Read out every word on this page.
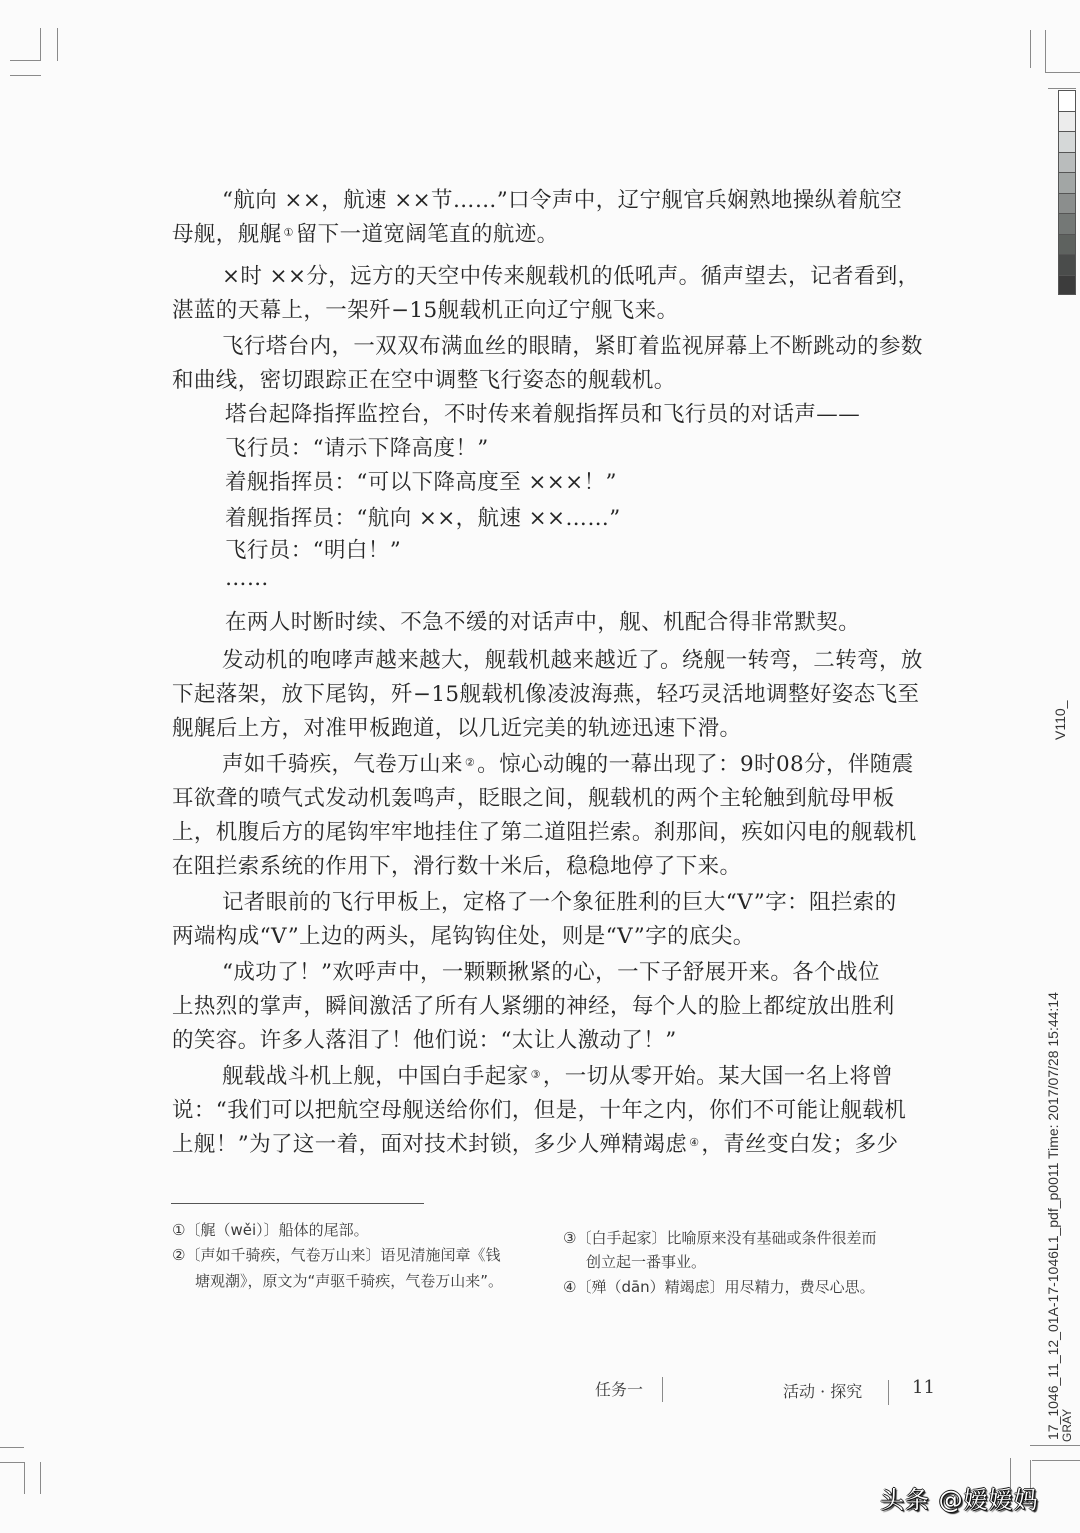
“航向 ××，航速 ××节……”口令声中，辽宁舰官兵娴熟地操纵着航空
母舰，舰艉 ①留下一道宽阔笔直的航迹。
×时 ××分，远方的天空中传来舰载机的低吼声。循声望去，记者看到，
湛蓝的天幕上，一架歼−15舰载机正向辽宁舰飞来。
飞行塔台内，一双双布满血丝的眼睛，紧盯着监视屏幕上不断跳动的参数
和曲线，密切跟踪正在空中调整飞行姿态的舰载机。
塔台起降指挥监控台，不时传来着舰指挥员和飞行员的对话声——
飞行员：“请示下降高度！”
着舰指挥员：“可以下降高度至 ×××！”
着舰指挥员：“航向 ××，航速 ××……”
飞行员：“明白！”
……
在两人时断时续、不急不缓的对话声中，舰、机配合得非常默契。
发动机的咆哮声越来越大，舰载机越来越近了。绕舰一转弯，二转弯，放
下起落架，放下尾钩，歼−15舰载机像凌波海燕，轻巧灵活地调整好姿态飞至
舰艉后上方，对准甲板跑道，以几近完美的轨迹迅速下滑。
声如千骑疾，气卷万山来 ②。惊心动魄的一幕出现了：9时08分，伴随震
耳欲聋的喷气式发动机轰鸣声，眨眼之间，舰载机的两个主轮触到航母甲板
上，机腹后方的尾钩牢牢地挂住了第二道阻拦索。刹那间，疾如闪电的舰载机
在阻拦索系统的作用下，滑行数十米后，稳稳地停了下来。
记者眼前的飞行甲板上，定格了一个象征胜利的巨大“V”字：阻拦索的
两端构成“V”上边的两头，尾钩钩住处，则是“V”字的底尖。
“成功了！”欢呼声中，一颗颗揪紧的心，一下子舒展开来。各个战位
上热烈的掌声，瞬间激活了所有人紧绷的神经，每个人的脸上都绽放出胜利
的笑容。许多人落泪了！他们说：“太让人激动了！”
舰载战斗机上舰，中国白手起家 ③，一切从零开始。某大国一名上将曾
说：“我们可以把航空母舰送给你们，但是，十年之内，你们不可能让舰载机
上舰！”为了这一着，面对技术封锁，多少人殚精竭虑 ④，青丝变白发；多少
①〔艉（wěi）〕船体的尾部。
②〔声如千骑疾，气卷万山来〕语见清施闰章《钱
塘观潮》，原文为“声驱千骑疾，气卷万山来”。
③〔白手起家〕比喻原来没有基础或条件很差而
创立起一番事业。
④〔殚（dān）精竭虑〕用尽精力，费尽心思。
任务一	活动 · 探究	11
V110_
17_1046_11_12_01A-17-1046L1_pdf_p0011 Time: 2017/07/28 15:44:14 GRAY
头条 @嫒嫒妈
